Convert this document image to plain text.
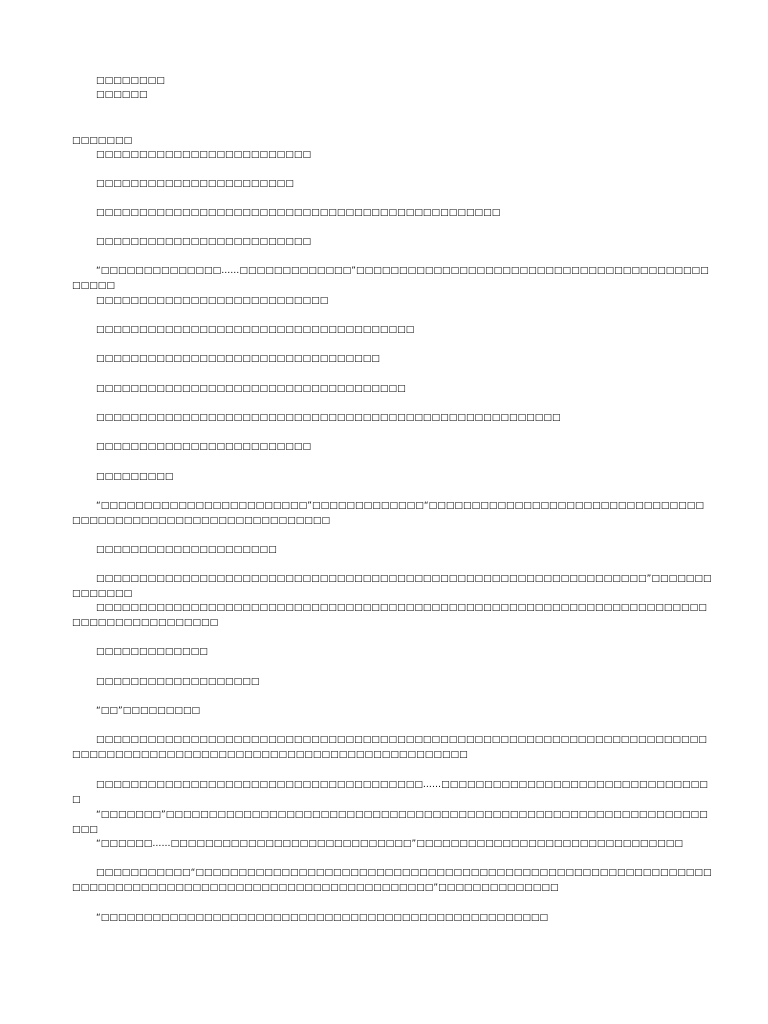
□□□□□□□□
□□□□□□
□□□□□□□
□□□□□□□□□□□□□□□□□□□□□□□□□
□□□□□□□□□□□□□□□□□□□□□□□
□□□□□□□□□□□□□□□□□□□□□□□□□□□□□□□□□□□□□□□□□□□□□□□
□□□□□□□□□□□□□□□□□□□□□□□□□
“□□□□□□□□□□□□□□……□□□□□□□□□□□□□”□□□□□□□□□□□□□□□□□□□□□□□□□□□□□□□□□□□□□□□□□□□□□□
□□□□□□□□□□□□□□□□□□□□□□□□□□□
□□□□□□□□□□□□□□□□□□□□□□□□□□□□□□□□□□□□□
□□□□□□□□□□□□□□□□□□□□□□□□□□□□□□□□□
□□□□□□□□□□□□□□□□□□□□□□□□□□□□□□□□□□□□
□□□□□□□□□□□□□□□□□□□□□□□□□□□□□□□□□□□□□□□□□□□□□□□□□□□□□□
□□□□□□□□□□□□□□□□□□□□□□□□□
□□□□□□□□□
“□□□□□□□□□□□□□□□□□□□□□□□□”□□□□□□□□□□□□□“□□□□□□□□□□□□□□□□□□□□□□□□□□□□□□□□□□□□□□□□□□□□□□□□□□□□□□□□□□□□□□
□□□□□□□□□□□□□□□□□□□□□
□□□□□□□□□□□□□□□□□□□□□□□□□□□□□□□□□□□□□□□□□□□□□□□□□□□□□□□□□□□□□□□□”□□□□□□□□□□□□□□
□□□□□□□□□□□□□□□□□□□□□□□□□□□□□□□□□□□□□□□□□□□□□□□□□□□□□□□□□□□□□□□□□□□□□□□□□□□□□□□□□□□□□□□□
□□□□□□□□□□□□□
□□□□□□□□□□□□□□□□□□□
“□□”□□□□□□□□□
□□□□□□□□□□□□□□□□□□□□□□□□□□□□□□□□□□□□□□□□□□□□□□□□□□□□□□□□□□□□□□□□□□□□□□□□□□□□□□□□□□□□□□□□□□□□□□□□□□□□□□□□□□□□□□□□□□□□□
□□□□□□□□□□□□□□□□□□□□□□□□□□□□□□□□□□□□□□……□□□□□□□□□□□□□□□□□□□□□□□□□□□□□□□□
“□□□□□□□”□□□□□□□□□□□□□□□□□□□□□□□□□□□□□□□□□□□□□□□□□□□□□□□□□□□□□□□□□□□□□□□□□□
“□□□□□□……□□□□□□□□□□□□□□□□□□□□□□□□□□□□”□□□□□□□□□□□□□□□□□□□□□□□□□□□□□□□
□□□□□□□□□□□“□□□□□□□□□□□□□□□□□□□□□□□□□□□□□□□□□□□□□□□□□□□□□□□□□□□□□□□□□□□□□□□□□□□□□□□□□□□□□□□□□□□□□□□□□□□□□□□□□□□□□□”□□□□□□□□□□□□□□
“□□□□□□□□□□□□□□□□□□□□□□□□□□□□□□□□□□□□□□□□□□□□□□□□□□□□
